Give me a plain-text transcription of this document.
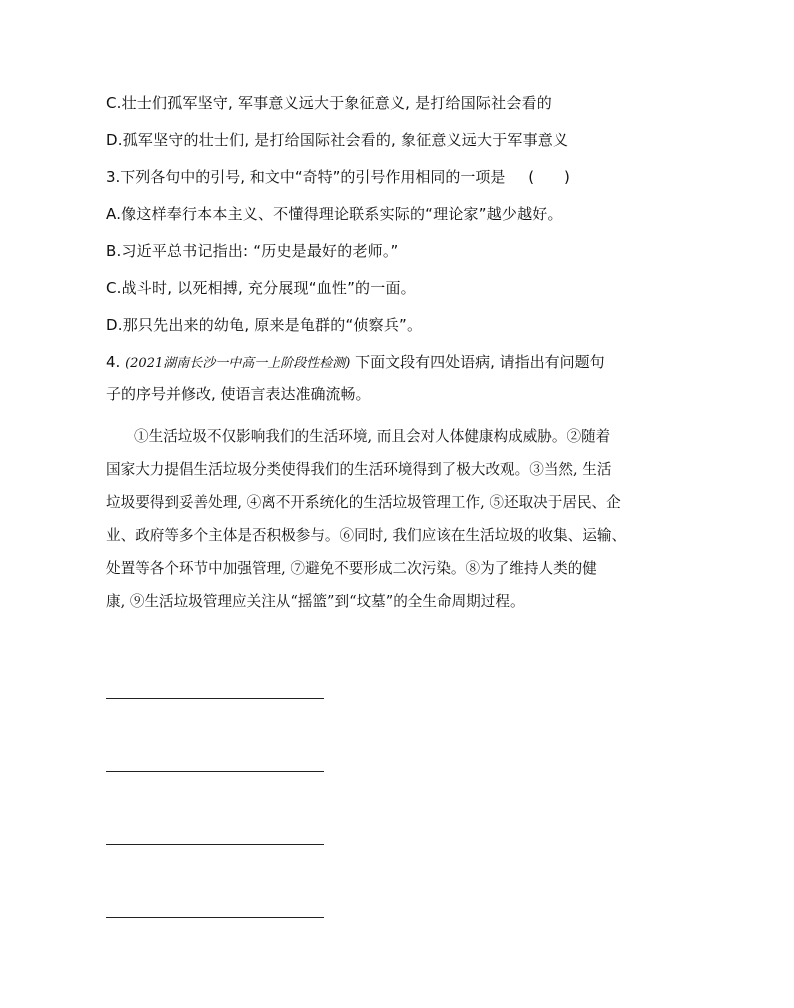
C.壮士们孤军坚守, 军事意义远大于象征意义, 是打给国际社会看的
D.孤军坚守的壮士们, 是打给国际社会看的, 象征意义远大于军事意义
3.下列各句中的引号, 和文中“奇特”的引号作用相同的一项是 (　　)
A.像这样奉行本本主义、不懂得理论联系实际的“理论家”越少越好。
B.习近平总书记指出: “历史是最好的老师。”
C.战斗时, 以死相搏, 充分展现“血性”的一面。
D.那只先出来的幼龟, 原来是龟群的“侦察兵”。
4. (2021湖南长沙一中高一上阶段性检测) 下面文段有四处语病, 请指出有问题句
子的序号并修改, 使语言表达准确流畅。
①生活垃圾不仅影响我们的生活环境, 而且会对人体健康构成威胁。②随着
国家大力提倡生活垃圾分类使得我们的生活环境得到了极大改观。③当然, 生活
垃圾要得到妥善处理, ④离不开系统化的生活垃圾管理工作, ⑤还取决于居民、企
业、政府等多个主体是否积极参与。⑥同时, 我们应该在生活垃圾的收集、运输、
处置等各个环节中加强管理, ⑦避免不要形成二次污染。⑧为了维持人类的健
康, ⑨生活垃圾管理应关注从“摇篮”到“坟墓”的全生命周期过程。
